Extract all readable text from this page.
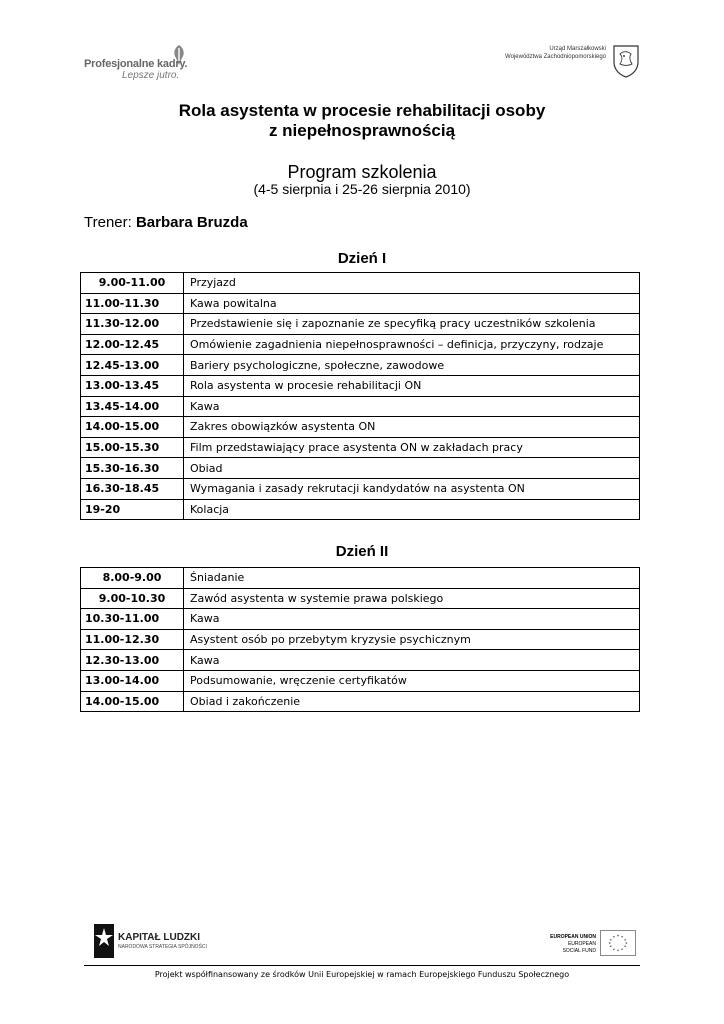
Profesjonalne kadry.
Lepsze jutro.
Urząd Marszałkowski
Województwa Zachodniopomorskiego
Rola asystenta w procesie rehabilitacji osoby
z niepełnosprawnością
Program szkolenia
(4-5 sierpnia i 25-26 sierpnia 2010)
Trener: Barbara Bruzda
Dzień I
9.00-11.00	Przyjazd
11.00-11.30	Kawa powitalna
11.30-12.00	Przedstawienie się i zapoznanie ze specyfiką pracy uczestników szkolenia
12.00-12.45	Omówienie zagadnienia niepełnosprawności – definicja, przyczyny, rodzaje
12.45-13.00	Bariery psychologiczne, społeczne, zawodowe
13.00-13.45	Rola asystenta w procesie rehabilitacji ON
13.45-14.00	Kawa
14.00-15.00	Zakres obowiązków asystenta ON
15.00-15.30	Film przedstawiający prace asystenta ON w zakładach pracy
15.30-16.30	Obiad
16.30-18.45	Wymagania i zasady rekrutacji kandydatów na asystenta ON
19-20	Kolacja
Dzień II
8.00-9.00	Śniadanie
9.00-10.30	Zawód asystenta w systemie prawa polskiego
10.30-11.00	Kawa
11.00-12.30	Asystent osób po przebytym kryzysie psychicznym
12.30-13.00	Kawa
13.00-14.00	Podsumowanie, wręczenie certyfikatów
14.00-15.00	Obiad i zakończenie
KAPITAŁ LUDZKI
NARODOWA STRATEGIA SPÓJNOŚCI
EUROPEAN UNION
EUROPEAN
SOCIAL FUND
Projekt współfinansowany ze środków Unii Europejskiej w ramach Europejskiego Funduszu Społecznego
